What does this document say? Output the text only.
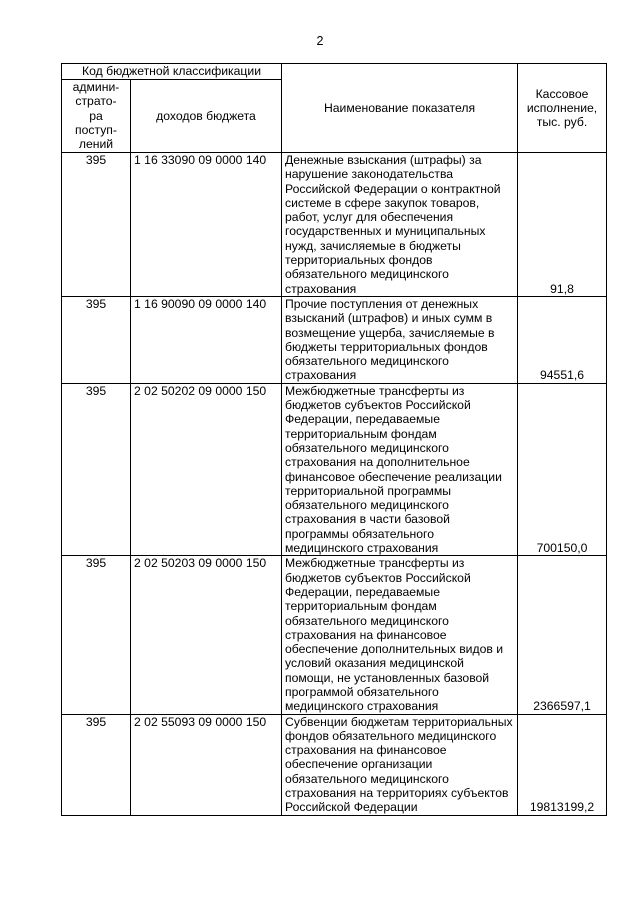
2
Код бюджетной классификации		Наименование показателя	Кассовое
исполнение,
тыс. руб.
админи-
страто-
ра
поступ-
лений	доходов бюджета		
395	1 16 33090 09 0000 140	Денежные взыскания (штрафы) за нарушение законодательства Российской Федерации о контрактной системе в сфере закупок товаров, работ, услуг для обеспечения государственных и муниципальных нужд, зачисляемые в бюджеты территориальных фондов обязательного медицинского страхования	91,8
395	1 16 90090 09 0000 140	Прочие поступления от денежных взысканий (штрафов) и иных сумм в возмещение ущерба, зачисляемые в бюджеты территориальных фондов обязательного медицинского страхования	94551,6
395	2 02 50202 09 0000 150	Межбюджетные трансферты из бюджетов субъектов Российской Федерации, передаваемые территориальным фондам обязательного медицинского страхования на дополнительное финансовое обеспечение реализации территориальной программы обязательного медицинского страхования в части базовой программы обязательного медицинского страхования	700150,0
395	2 02 50203 09 0000 150	Межбюджетные трансферты из бюджетов субъектов Российской Федерации, передаваемые территориальным фондам обязательного медицинского страхования на финансовое обеспечение дополнительных видов и условий оказания медицинской помощи, не установленных базовой программой обязательного медицинского страхования	2366597,1
395	2 02 55093 09 0000 150	Субвенции бюджетам территориальных фондов обязательного медицинского страхования на финансовое обеспечение организации обязательного медицинского страхования на территориях субъектов Российской Федерации	19813199,2
